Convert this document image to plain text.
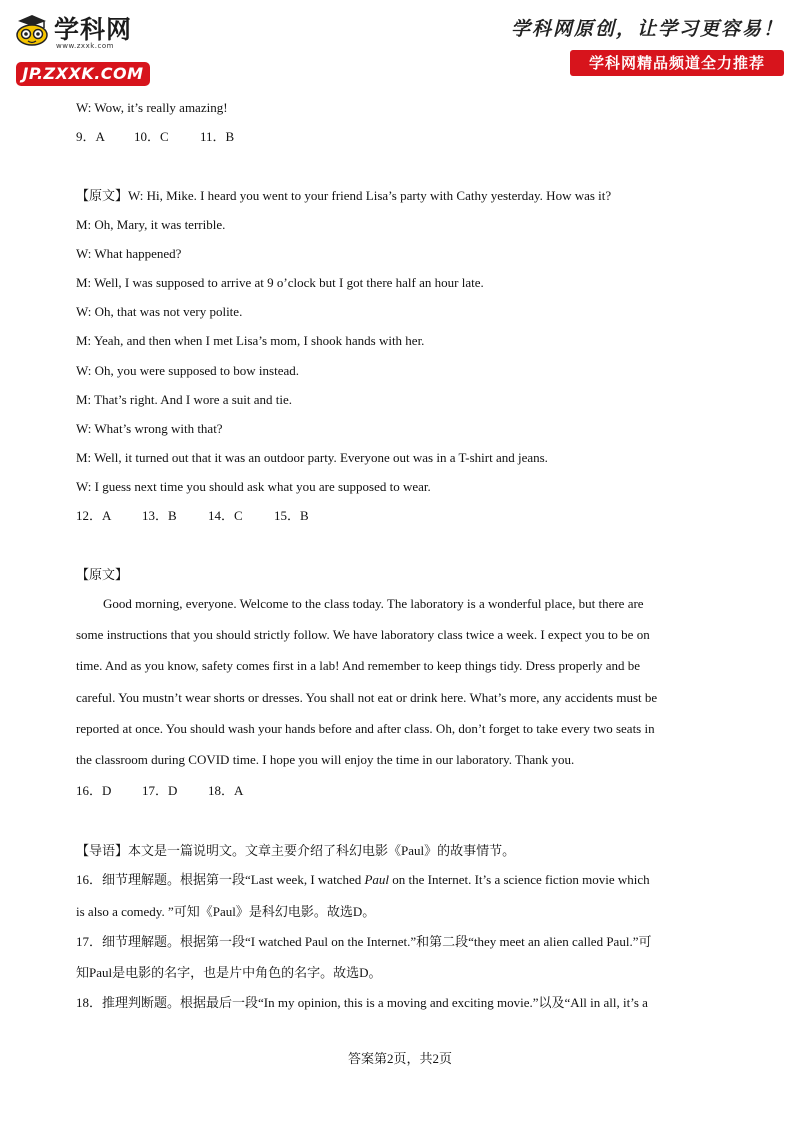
学科网
www.zxxk.com
JP.ZXXK.COM
学科网原创，让学习更容易！
学科网精品频道全力推荐
W: Wow, it’s really amazing!
9．A 10．C 11．B
【原文】W: Hi, Mike. I heard you went to your friend Lisa’s party with Cathy yesterday. How was it?
M: Oh, Mary, it was terrible.
W: What happened?
M: Well, I was supposed to arrive at 9 o’clock but I got there half an hour late.
W: Oh, that was not very polite.
M: Yeah, and then when I met Lisa’s mom, I shook hands with her.
W: Oh, you were supposed to bow instead.
M: That’s right. And I wore a suit and tie.
W: What’s wrong with that?
M: Well, it turned out that it was an outdoor party. Everyone out was in a T-shirt and jeans.
W: I guess next time you should ask what you are supposed to wear.
12．A 13．B 14．C 15．B
【原文】
Good morning, everyone. Welcome to the class today. The laboratory is a wonderful place, but there are
some instructions that you should strictly follow. We have laboratory class twice a week. I expect you to be on
time. And as you know, safety comes first in a lab! And remember to keep things tidy. Dress properly and be
careful. You mustn’t wear shorts or dresses. You shall not eat or drink here. What’s more, any accidents must be
reported at once. You should wash your hands before and after class. Oh, don’t forget to take every two seats in
the classroom during COVID time. I hope you will enjoy the time in our laboratory. Thank you.
16．D 17．D 18．A
【导语】本文是一篇说明文。文章主要介绍了科幻电影《Paul》的故事情节。
16．细节理解题。根据第一段“Last week, I watched Paul on the Internet. It’s a science fiction movie which
is also a comedy. ”可知《Paul》是科幻电影。故选D。
17．细节理解题。根据第一段“I watched Paul on the Internet.”和第二段“they meet an alien called Paul.”可
知Paul是电影的名字，也是片中角色的名字。故选D。
18．推理判断题。根据最后一段“In my opinion, this is a moving and exciting movie.”以及“All in all, it’s a
答案第2页，共2页
